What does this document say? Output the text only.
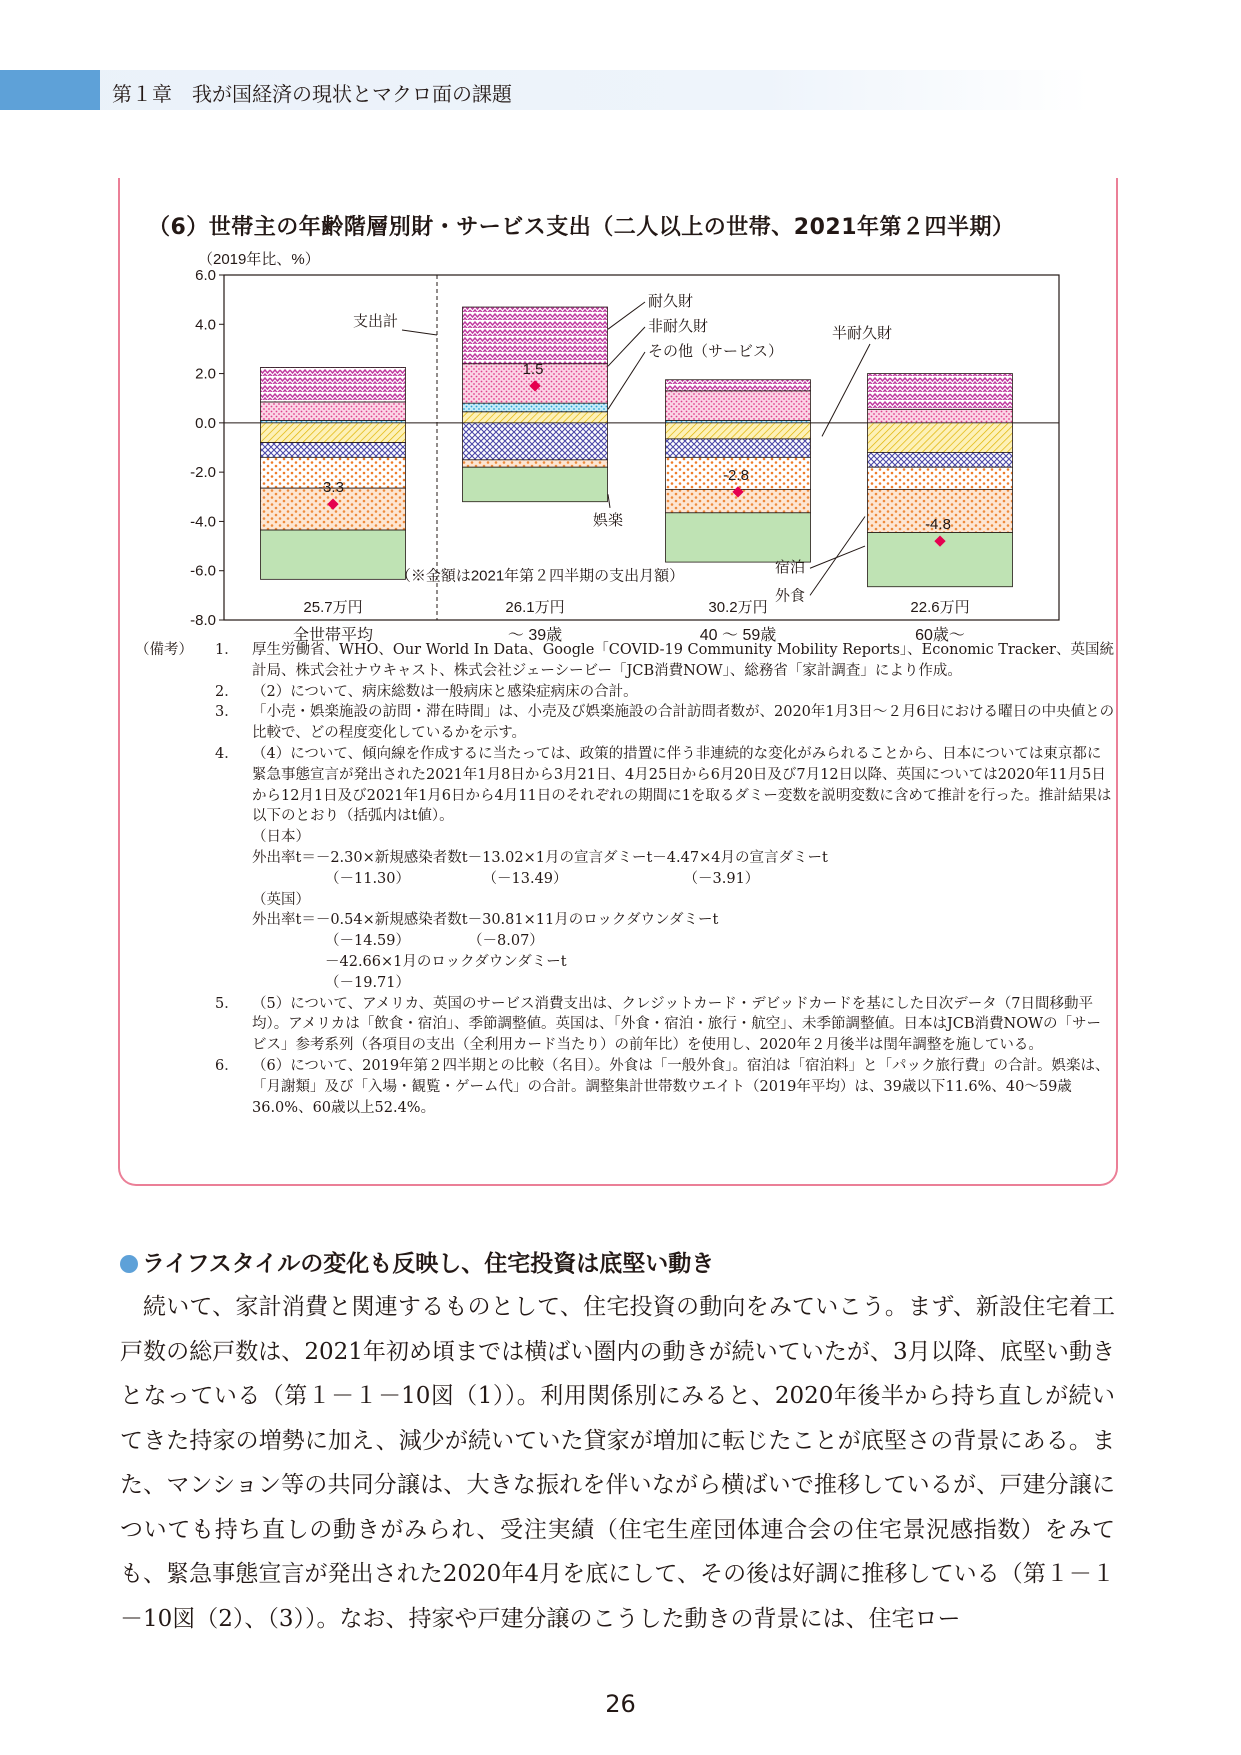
第１章　我が国経済の現状とマクロ面の課題
（6）世帯主の年齢階層別財・サービス支出（二人以上の世帯、2021年第２四半期）
（2019年比、%）
6.0
4.0
2.0
0.0
-2.0
-4.0
-6.0
-8.0
-3.3
25.7万円
全世帯平均
1.5
26.1万円
～ 39歳
-2.8
30.2万円
40 ～ 59歳
-4.8
22.6万円
60歳～
（※金額は2021年第２四半期の支出月額）
耐久財
非耐久財
その他（サービス）
半耐久財
支出計
娯楽
宿泊
外食
（備考）	1． 厚生労働省、WHO、Our World In Data、Google「COVID-19 Community Mobility Reports」、Economic Tracker、英国統計局、株式会社ナウキャスト、株式会社ジェーシービー「JCB消費NOW」、総務省「家計調査」により作成。
2． （2）について、病床総数は一般病床と感染症病床の合計。
3． 「小売・娯楽施設の訪問・滞在時間」は、小売及び娯楽施設の合計訪問者数が、2020年1月3日～２月6日における曜日の中央値との比較で、どの程度変化しているかを示す。
4． （4）について、傾向線を作成するに当たっては、政策的措置に伴う非連続的な変化がみられることから、日本については東京都に緊急事態宣言が発出された2021年1月8日から3月21日、4月25日から6月20日及び7月12日以降、英国については2020年11月5日から12月1日及び2021年1月6日から4月11日のそれぞれの期間に1を取るダミー変数を説明変数に含めて推計を行った。推計結果は以下のとおり（括弧内はt値）。
（日本）
外出率t＝－2.30×新規感染者数t－13.02×1月の宣言ダミーt－4.47×4月の宣言ダミーt
（－11.30）　　　　　　（－13.49）　　　　　　　　　（－3.91）
（英国）
外出率t＝－0.54×新規感染者数t－30.81×11月のロックダウンダミーt
（－14.59）　　　　　（－8.07）
－42.66×1月のロックダウンダミーt
（－19.71）
5． （5）について、アメリカ、英国のサービス消費支出は、クレジットカード・デビッドカードを基にした日次データ（7日間移動平均）。アメリカは「飲食・宿泊」、季節調整値。英国は、「外食・宿泊・旅行・航空」、未季節調整値。日本はJCB消費NOWの「サービス」参考系列（各項目の支出（全利用カード当たり）の前年比）を使用し、2020年２月後半は閏年調整を施している。
6． （6）について、2019年第２四半期との比較（名目）。外食は「一般外食」。宿泊は「宿泊料」と「パック旅行費」の合計。娯楽は、「月謝類」及び「入場・観覧・ゲーム代」の合計。調整集計世帯数ウエイト（2019年平均）は、39歳以下11.6%、40～59歳36.0%、60歳以上52.4%。
ライフスタイルの変化も反映し、住宅投資は底堅い動き

続いて、家計消費と関連するものとして、住宅投資の動向をみていこう。まず、新設住宅着工戸数の総戸数は、2021年初め頃までは横ばい圏内の動きが続いていたが、3月以降、底堅い動きとなっている（第１－１－10図（1））。利用関係別にみると、2020年後半から持ち直しが続いてきた持家の増勢に加え、減少が続いていた貸家が増加に転じたことが底堅さの背景にある。また、マンション等の共同分譲は、大きな振れを伴いながら横ばいで推移しているが、戸建分譲についても持ち直しの動きがみられ、受注実績（住宅生産団体連合会の住宅景況感指数）をみても、緊急事態宣言が発出された2020年4月を底にして、その後は好調に推移している（第１－１－10図（2）、（3））。なお、持家や戸建分譲のこうした動きの背景には、住宅ロー

26
